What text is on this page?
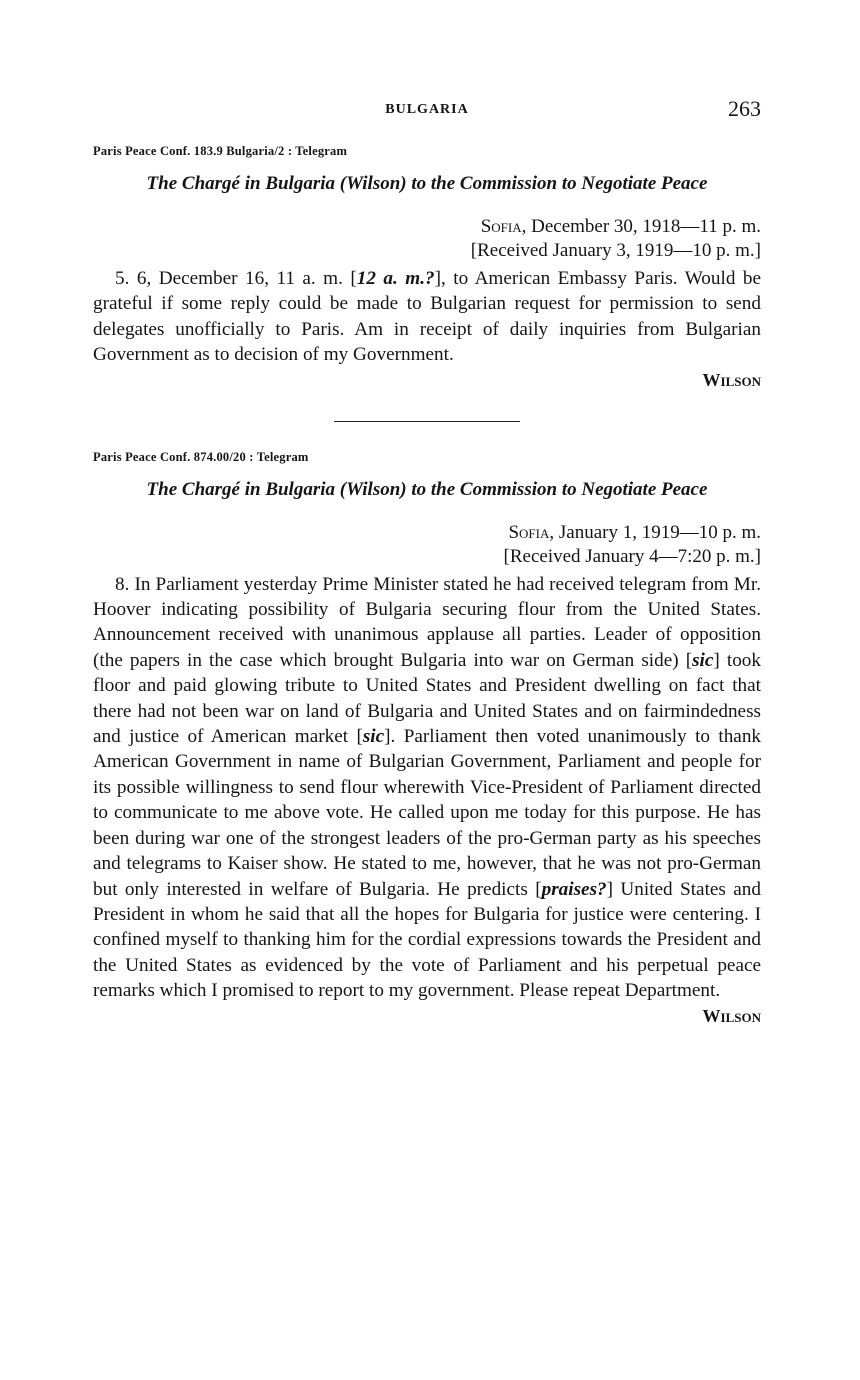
BULGARIA	263
Paris Peace Conf. 183.9 Bulgaria/2 : Telegram
The Chargé in Bulgaria (Wilson) to the Commission to Negotiate Peace
Sofia, December 30, 1918—11 p. m.
[Received January 3, 1919—10 p. m.]

5. 6, December 16, 11 a. m. [12 a. m.?], to American Embassy Paris. Would be grateful if some reply could be made to Bulgarian request for permission to send delegates unofficially to Paris. Am in receipt of daily inquiries from Bulgarian Government as to decision of my Government.

Wilson
Paris Peace Conf. 874.00/20 : Telegram
The Chargé in Bulgaria (Wilson) to the Commission to Negotiate Peace
Sofia, January 1, 1919—10 p. m.
[Received January 4—7:20 p. m.]

8. In Parliament yesterday Prime Minister stated he had received telegram from Mr. Hoover indicating possibility of Bulgaria securing flour from the United States. Announcement received with unanimous applause all parties. Leader of opposition (the papers in the case which brought Bulgaria into war on German side) [sic] took floor and paid glowing tribute to United States and President dwelling on fact that there had not been war on land of Bulgaria and United States and on fairmindedness and justice of American market [sic]. Parliament then voted unanimously to thank American Government in name of Bulgarian Government, Parliament and people for its possible willingness to send flour wherewith Vice-President of Parliament directed to communicate to me above vote. He called upon me today for this purpose. He has been during war one of the strongest leaders of the pro-German party as his speeches and telegrams to Kaiser show. He stated to me, however, that he was not pro-German but only interested in welfare of Bulgaria. He predicts [praises?] United States and President in whom he said that all the hopes for Bulgaria for justice were centering. I confined myself to thanking him for the cordial expressions towards the President and the United States as evidenced by the vote of Parliament and his perpetual peace remarks which I promised to report to my government. Please repeat Department.

Wilson
